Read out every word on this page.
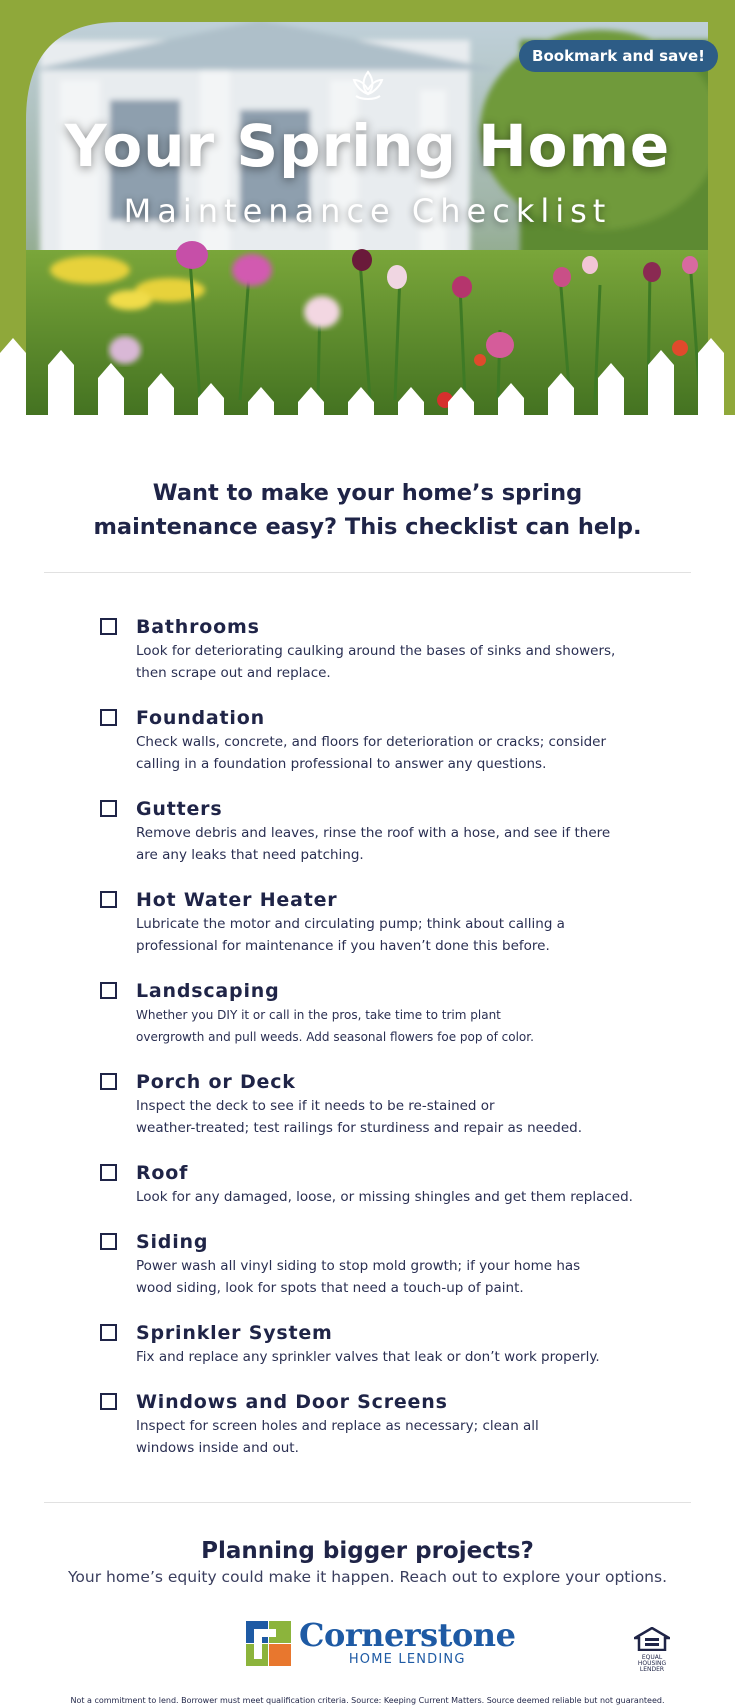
Bookmark and save!
Your Spring Home
Maintenance Checklist
Want to make your home’s spring
maintenance easy? This checklist can help.
Bathrooms
Look for deteriorating caulking around the bases of sinks and showers,
then scrape out and replace.
Foundation
Check walls, concrete, and floors for deterioration or cracks; consider
calling in a foundation professional to answer any questions.
Gutters
Remove debris and leaves, rinse the roof with a hose, and see if there
are any leaks that need patching.
Hot Water Heater
Lubricate the motor and circulating pump; think about calling a
professional for maintenance if you haven’t done this before.
Landscaping
Whether you DIY it or call in the pros, take time to trim plant
overgrowth and pull weeds. Add seasonal flowers foe pop of color.
Porch or Deck
Inspect the deck to see if it needs to be re-stained or
weather-treated; test railings for sturdiness and repair as needed.
Roof
Look for any damaged, loose, or missing shingles and get them replaced.
Siding
Power wash all vinyl siding to stop mold growth; if your home has
wood siding, look for spots that need a touch-up of paint.
Sprinkler System
Fix and replace any sprinkler valves that leak or don’t work properly.
Windows and Door Screens
Inspect for screen holes and replace as necessary; clean all
windows inside and out.
Planning bigger projects?
Your home’s equity could make it happen. Reach out to explore your options.
Cornerstone
HOME LENDING	EQUAL HOUSING
LENDER
Not a commitment to lend. Borrower must meet qualification criteria. Source: Keeping Current Matters. Source deemed reliable but not guaranteed.
